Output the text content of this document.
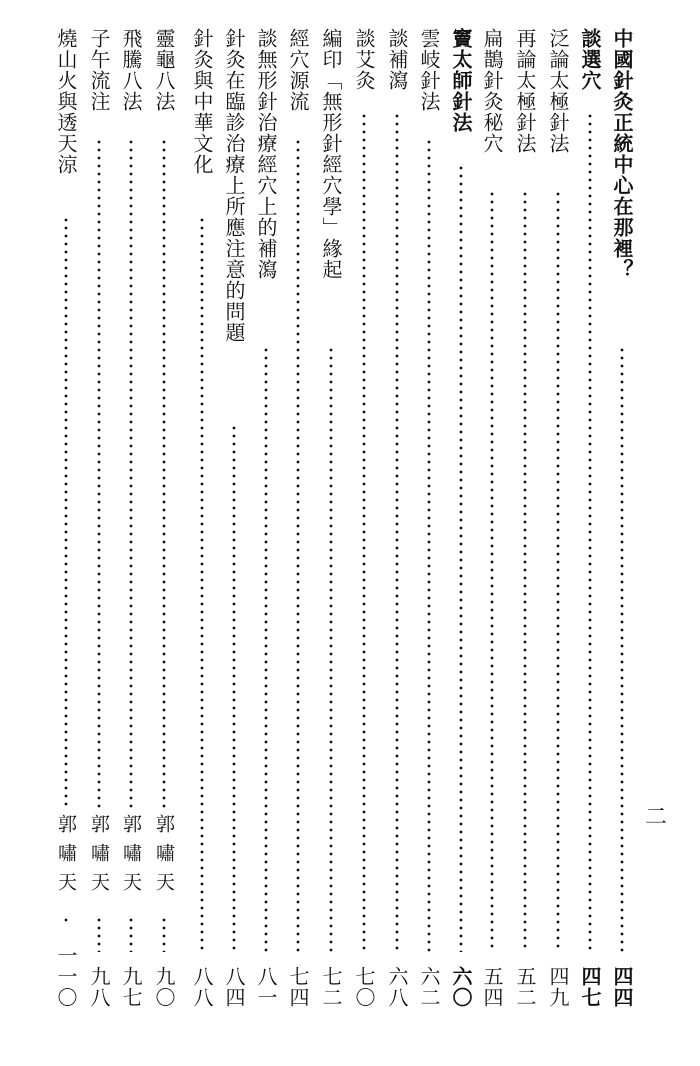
二
中國針灸正統中心在那裡？
四四
談選穴
四七
泛論太極針法
四九
再論太極針法
五二
扁鵲針灸秘穴
五四
竇太師針法
六〇
雲岐針法
六二
談補瀉
六八
談艾灸
七〇
編印「無形針經穴學」緣起
七二
經穴源流
七四
談無形針治療經穴上的補瀉
八一
針灸在臨診治療上所應注意的問題
八四
針灸與中華文化
八八
靈龜八法
九〇
郭嘯天
飛騰八法
九七
郭嘯天
子午流注
九八
郭嘯天
燒山火與透天涼
一一〇
郭嘯天
